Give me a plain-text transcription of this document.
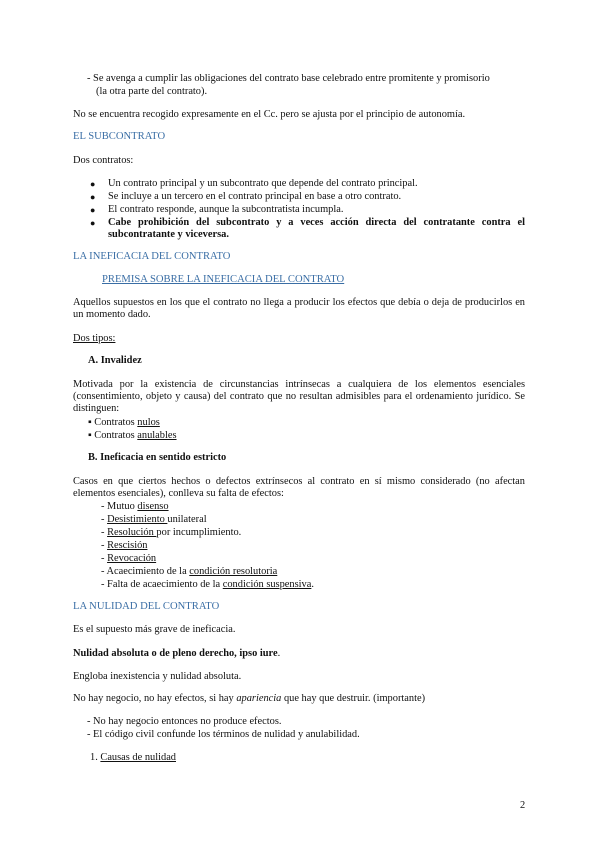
- Se avenga a cumplir las obligaciones del contrato base celebrado entre promitente y promisorio
(la otra parte del contrato).
No se encuentra recogido expresamente en el Cc. pero se ajusta por el principio de autonomía.
EL SUBCONTRATO
Dos contratos:
● Un contrato principal y un subcontrato que depende del contrato principal.
● Se incluye a un tercero en el contrato principal en base a otro contrato.
● El contrato responde, aunque la subcontratista incumpla.
● Cabe prohibición del subcontrato y a veces acción directa del contratante contra el subcontratante y viceversa.
LA INEFICACIA DEL CONTRATO
PREMISA SOBRE LA INEFICACIA DEL CONTRATO
Aquellos supuestos en los que el contrato no llega a producir los efectos que debía o deja de producirlos en un momento dado.
Dos tipos:
A. Invalidez
Motivada por la existencia de circunstancias intrínsecas a cualquiera de los elementos esenciales (consentimiento, objeto y causa) del contrato que no resultan admisibles para el ordenamiento jurídico. Se distinguen:
▪ Contratos nulos
▪ Contratos anulables
B. Ineficacia en sentido estricto
Casos en que ciertos hechos o defectos extrínsecos al contrato en sí mismo considerado (no afectan elementos esenciales), conlleva su falta de efectos:
- Mutuo disenso
- Desistimiento unilateral
- Resolución por incumplimiento.
- Rescisión
- Revocación
- Acaecimiento de la condición resolutoria
- Falta de acaecimiento de la condición suspensiva.
LA NULIDAD DEL CONTRATO
Es el supuesto más grave de ineficacia.
Nulidad absoluta o de pleno derecho, ipso iure.
Engloba inexistencia y nulidad absoluta.
No hay negocio, no hay efectos, si hay apariencia que hay que destruir. (importante)
- No hay negocio entonces no produce efectos.
- El código civil confunde los términos de nulidad y anulabilidad.
1. Causas de nulidad
2
